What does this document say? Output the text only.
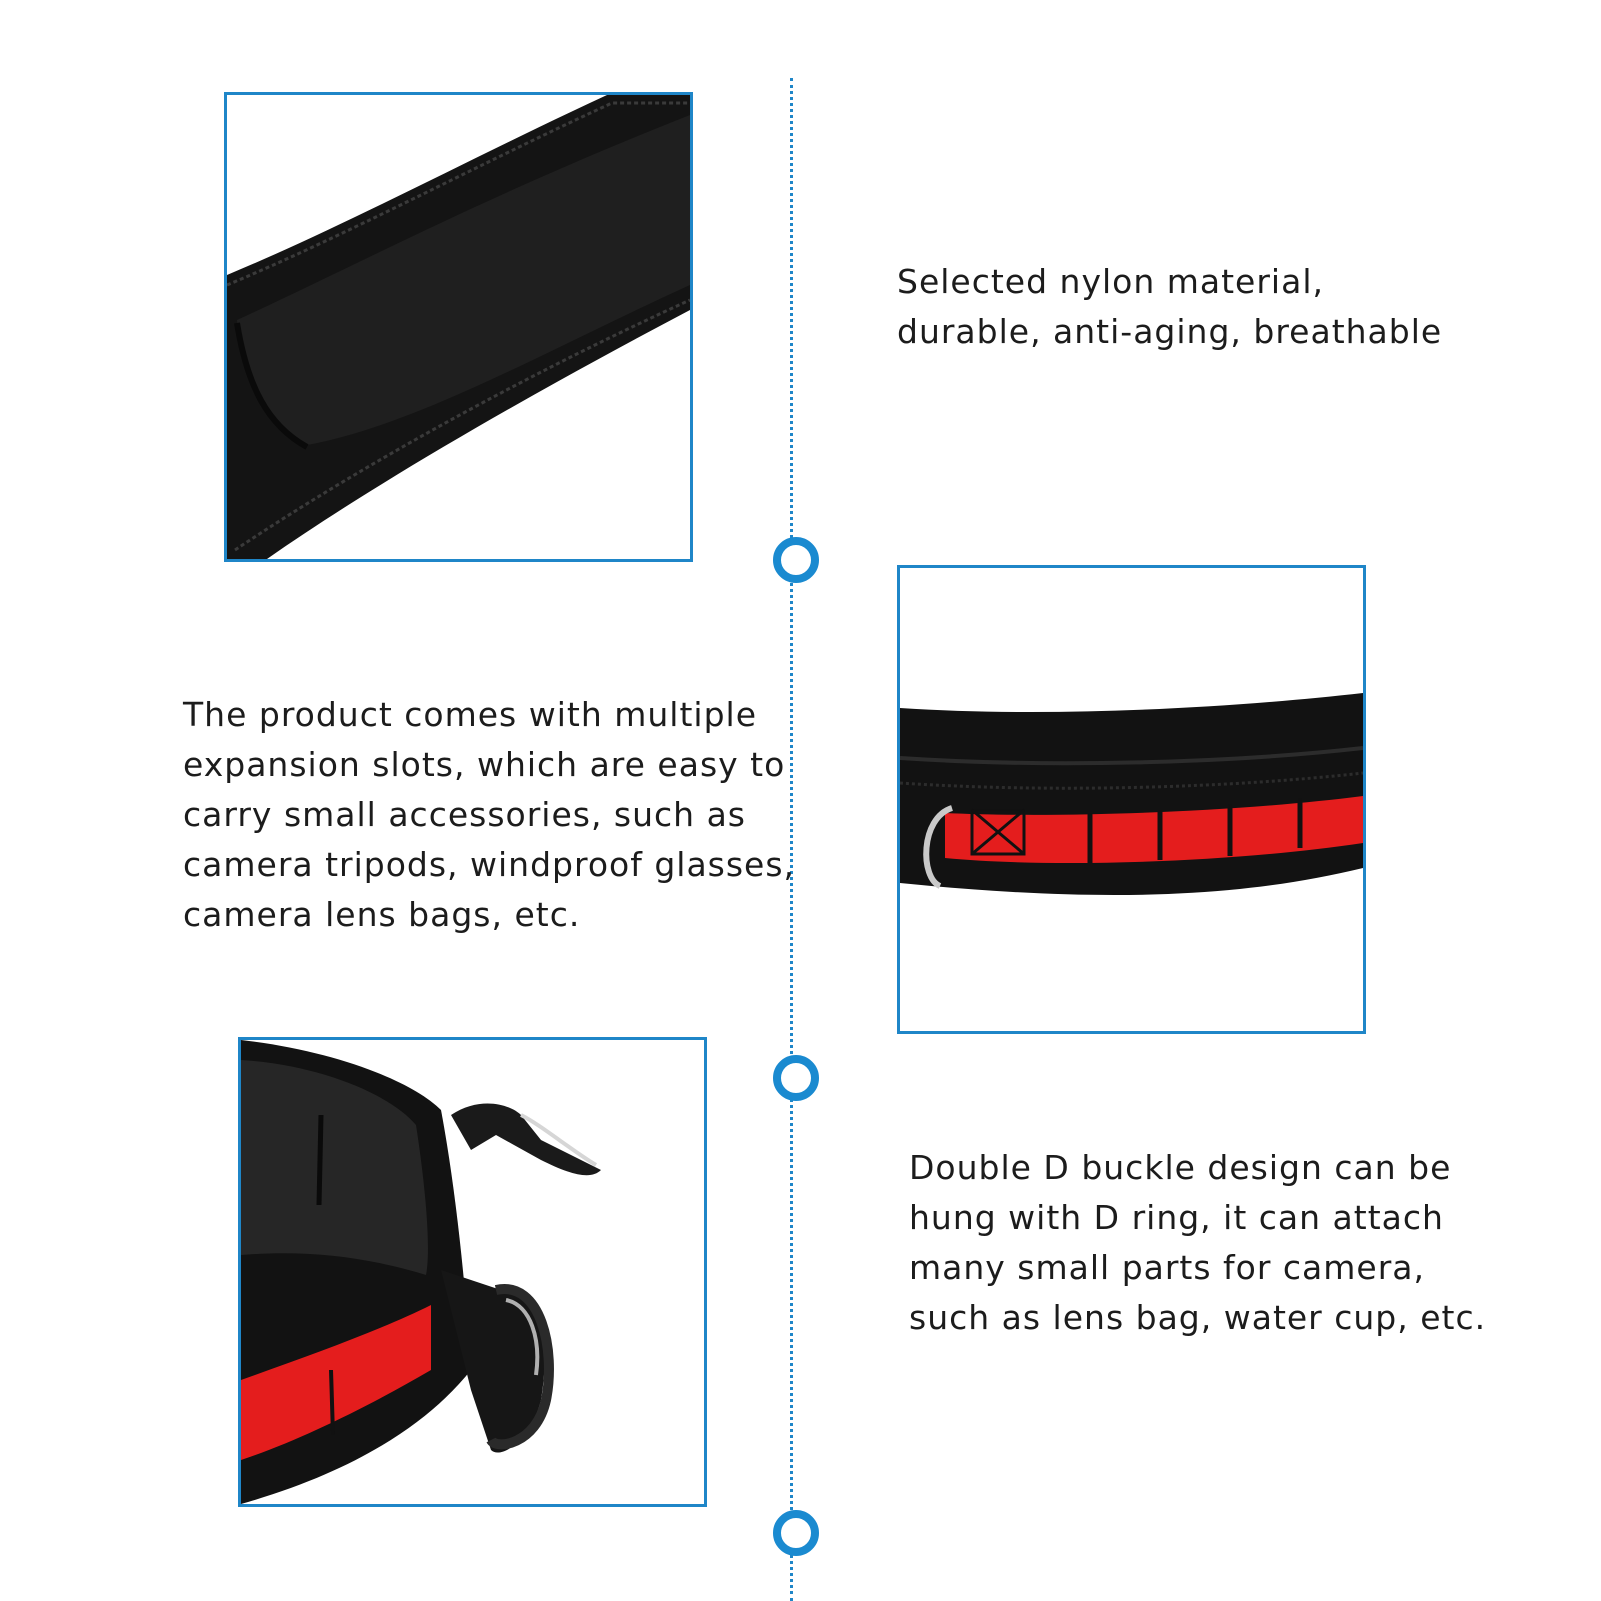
Selected nylon material,
durable, anti-aging, breathable

The product comes with multiple
expansion slots, which are easy to
carry small accessories, such as
camera tripods, windproof glasses,
camera lens bags, etc.

Double D buckle design can be
hung with D ring, it can attach
many small parts for camera,
such as lens bag, water cup, etc.
